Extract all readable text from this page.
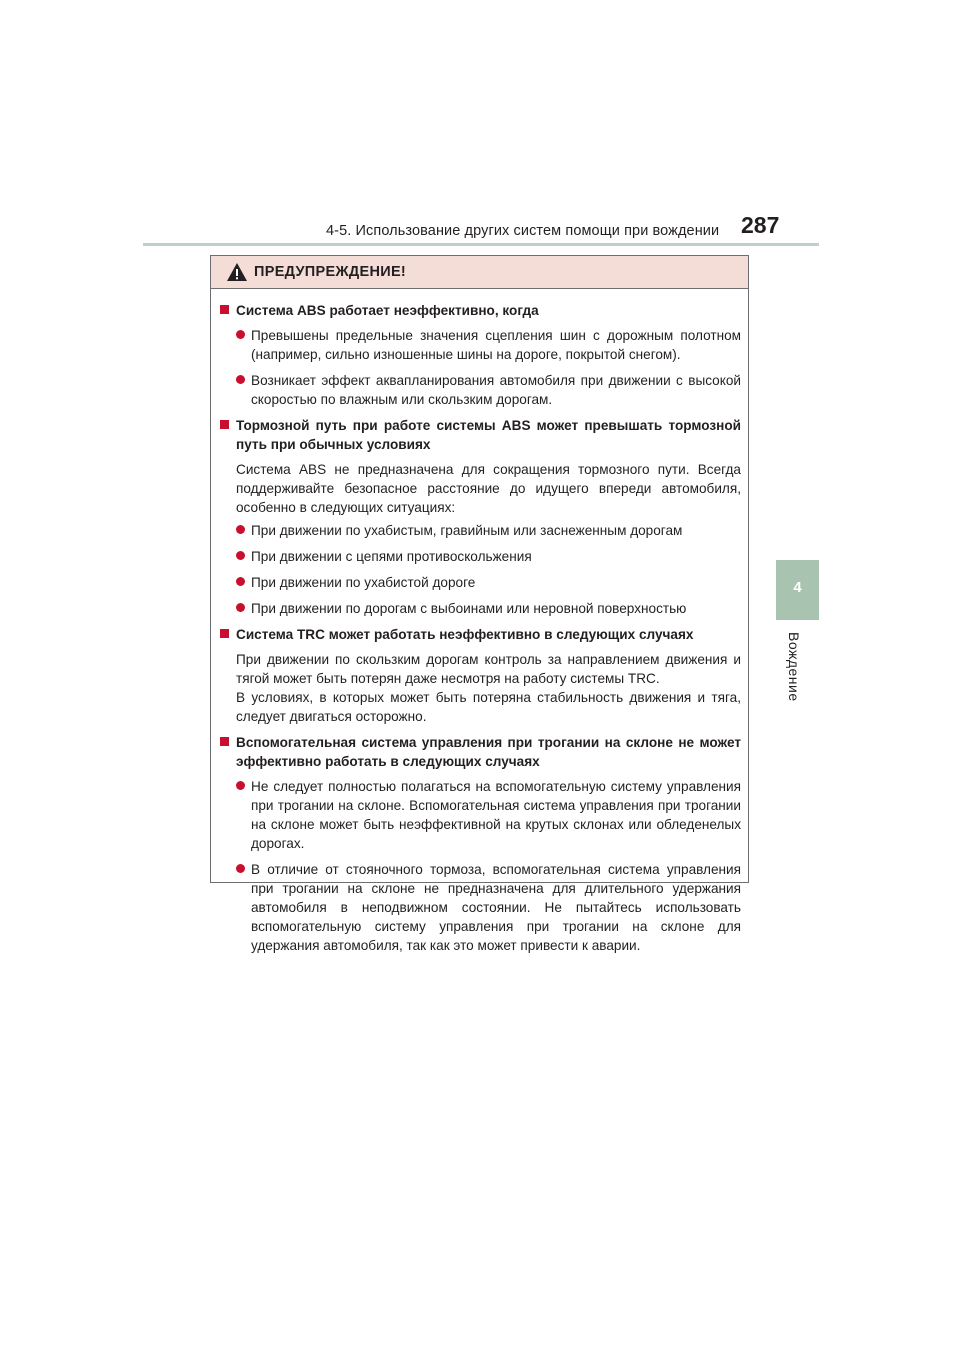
4-5. Использование других систем помощи при вождении 287
4
Вождение
ПРЕДУПРЕЖДЕНИЕ!
Система ABS работает неэффективно, когда
Превышены предельные значения сцепления шин с дорожным полотном (например, сильно изношенные шины на дороге, покрытой снегом).
Возникает эффект аквапланирования автомобиля при движении с высокой скоростью по влажным или скользким дорогам.
Тормозной путь при работе системы ABS может превышать тормозной путь при обычных условиях
Система ABS не предназначена для сокращения тормозного пути. Всегда поддерживайте безопасное расстояние до идущего впереди автомобиля, особенно в следующих ситуациях:
При движении по ухабистым, гравийным или заснеженным дорогам
При движении с цепями противоскольжения
При движении по ухабистой дороге
При движении по дорогам с выбоинами или неровной поверхностью
Система TRC может работать неэффективно в следующих случаях
При движении по скользким дорогам контроль за направлением движения и тягой может быть потерян даже несмотря на работу системы TRC.
В условиях, в которых может быть потеряна стабильность движения и тяга, следует двигаться осторожно.
Вспомогательная система управления при трогании на склоне не может эффективно работать в следующих случаях
Не следует полностью полагаться на вспомогательную систему управления при трогании на склоне. Вспомогательная система управления при трогании на склоне может быть неэффективной на крутых склонах или обледенелых дорогах.
В отличие от стояночного тормоза, вспомогательная система управления при трогании на склоне не предназначена для длительного удержания автомобиля в неподвижном состоянии. Не пытайтесь использовать вспомогательную систему управления при трогании на склоне для удержания автомобиля, так как это может привести к аварии.
